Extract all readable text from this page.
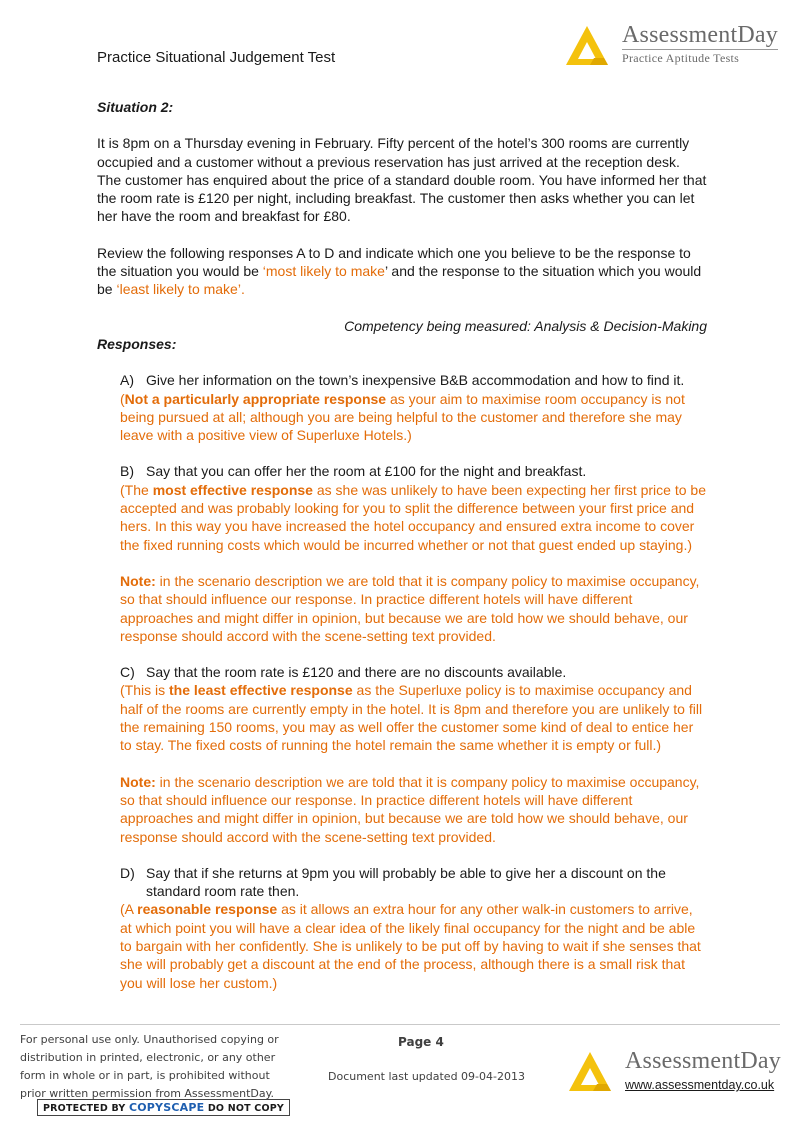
Practice Situational Judgement Test
AssessmentDay
Practice Aptitude Tests
Situation 2:

It is 8pm on a Thursday evening in February. Fifty percent of the hotel’s 300 rooms are currently occupied and a customer without a previous reservation has just arrived at the reception desk. The customer has enquired about the price of a standard double room. You have informed her that the room rate is £120 per night, including breakfast. The customer then asks whether you can let her have the room and breakfast for £80.

Review the following responses A to D and indicate which one you believe to be the response to the situation you would be ‘most likely to make’ and the response to the situation which you would be ‘least likely to make’.

Competency being measured: Analysis & Decision-Making
Responses:
A) Give her information on the town’s inexpensive B&B accommodation and how to find it.
(Not a particularly appropriate response as your aim to maximise room occupancy is not being pursued at all; although you are being helpful to the customer and therefore she may leave with a positive view of Superluxe Hotels.)
B) Say that you can offer her the room at £100 for the night and breakfast.
(The most effective response as she was unlikely to have been expecting her first price to be accepted and was probably looking for you to split the difference between your first price and hers. In this way you have increased the hotel occupancy and ensured extra income to cover the fixed running costs which would be incurred whether or not that guest ended up staying.)
Note: in the scenario description we are told that it is company policy to maximise occupancy, so that should influence our response. In practice different hotels will have different approaches and might differ in opinion, but because we are told how we should behave, our response should accord with the scene-setting text provided.
C) Say that the room rate is £120 and there are no discounts available.
(This is the least effective response as the Superluxe policy is to maximise occupancy and half of the rooms are currently empty in the hotel. It is 8pm and therefore you are unlikely to fill the remaining 150 rooms, you may as well offer the customer some kind of deal to entice her to stay. The fixed costs of running the hotel remain the same whether it is empty or full.)
Note: in the scenario description we are told that it is company policy to maximise occupancy, so that should influence our response. In practice different hotels will have different approaches and might differ in opinion, but because we are told how we should behave, our response should accord with the scene-setting text provided.
D) Say that if she returns at 9pm you will probably be able to give her a discount on the standard room rate then.
(A reasonable response as it allows an extra hour for any other walk-in customers to arrive, at which point you will have a clear idea of the likely final occupancy for the night and be able to bargain with her confidently. She is unlikely to be put off by having to wait if she senses that she will probably get a discount at the end of the process, although there is a small risk that you will lose her custom.)
For personal use only. Unauthorised copying or distribution in printed, electronic, or any other form in whole or in part, is prohibited without prior written permission from AssessmentDay.
PROTECTED BY COPYSCAPE DO NOT COPY
Page 4
Document last updated 09-04-2013
AssessmentDay
www.assessmentday.co.uk
